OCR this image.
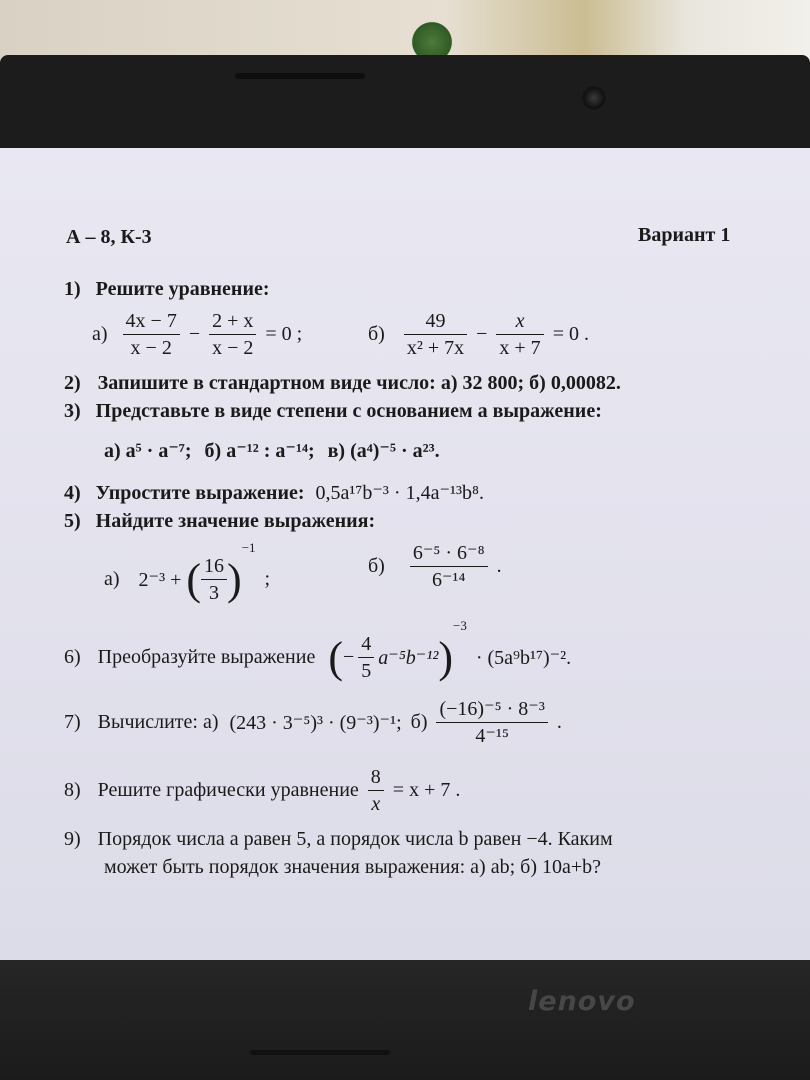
А – 8, К-3	Вариант 1
1) Решите уравнение:
$а) \frac{4x - 7}{x - 2} - \frac{2 + x}{x - 2} = 0$ ;	$б) \frac{49}{\text{x² + 7x}} - \frac{x}{x + 7} = 0$ .
2) Запишите в стандартном виде число: а) 32 800; б) 0,00082.
3) Представьте в виде степени с основанием a выражение:
а) a⁵ · a⁻⁷; б) a⁻¹² : a⁻¹⁴; в) (a⁴)⁻⁵ · a²³.
4) Упростите выражение: 0,5a¹⁷b⁻³ · 1,4a⁻¹³b⁸.
5) Найдите значение выражения:
а) 2⁻³ + ( $\frac{16}{3} )^{-1}$ ;
$б) \frac{\text{6⁻⁵ · 6⁻⁸}}{\text{6⁻¹⁴}}$ .
6) Преобразуйте выражение (− $\frac{4}{5} a^{-5}b^{-12})^{-3} \cdot (5a^9b^{17})^{-2}$.
7) Вычислите: а) (243 · 3⁻⁵)³ · (9⁻³)⁻¹; $б) \frac{\text{(−16)⁻⁵ · 8⁻³}}{\text{4⁻¹⁵}}$ .
8) Решите графически уравнение $\frac{8}{x} = x + 7$ .
9) Порядок числа a равен 5, а порядок числа b равен −4. Каким
может быть порядок значения выражения: а) ab; б) 10a+b?
lenovo
